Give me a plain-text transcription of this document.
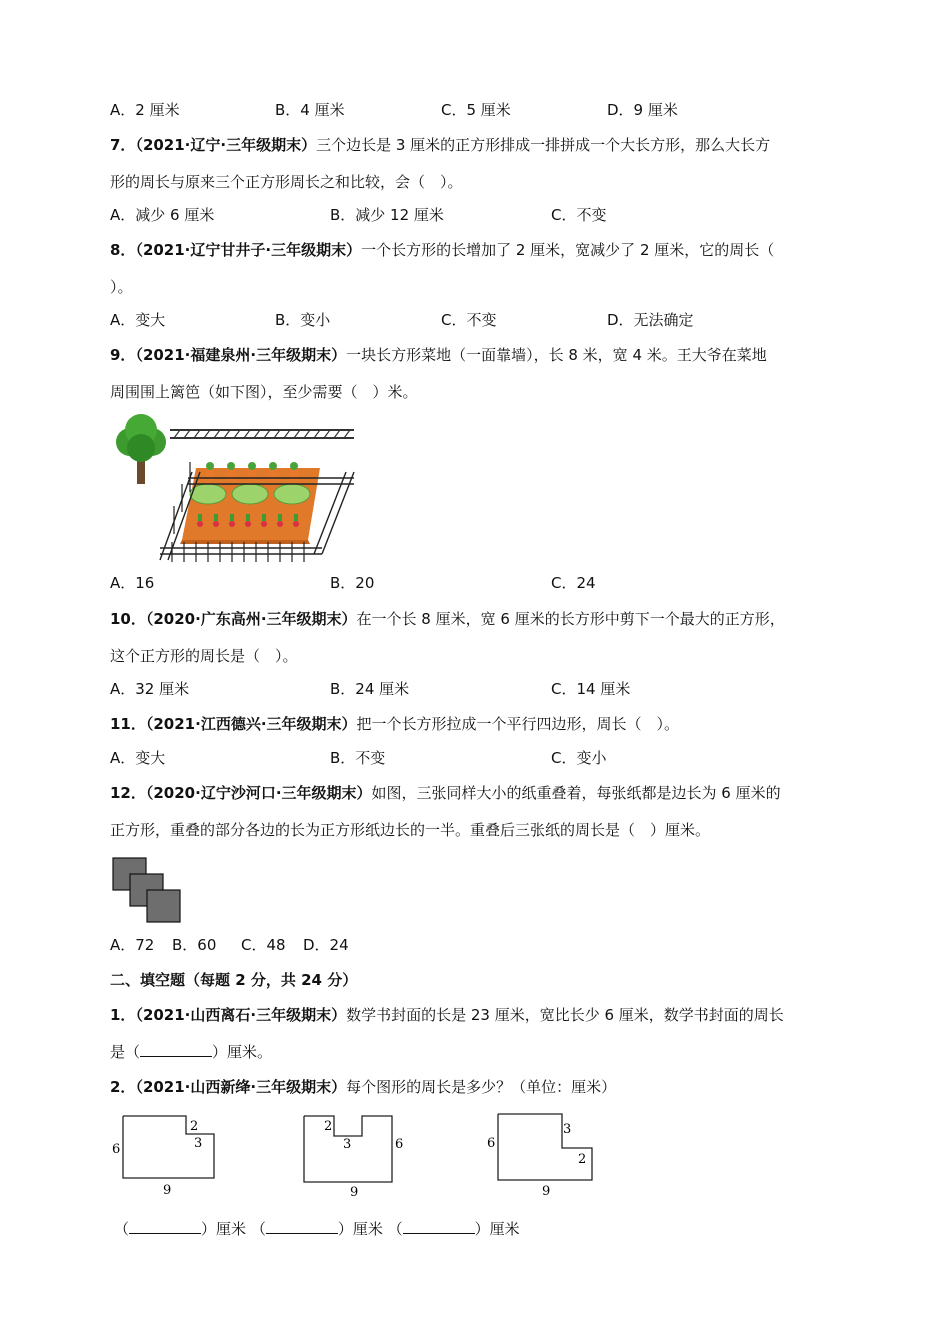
A．2 厘米	B．4 厘米	C．5 厘米	D．9 厘米
7．（2021·辽宁·三年级期末）三个边长是 3 厘米的正方形排成一排拼成一个大长方形，那么大长方
形的周长与原来三个正方形周长之和比较，会（　）。
A．减少 6 厘米	B．减少 12 厘米	C．不变
8．（2021·辽宁甘井子·三年级期末）一个长方形的长增加了 2 厘米，宽减少了 2 厘米，它的周长（
）。
A．变大	B．变小	C．不变	D．无法确定
9．（2021·福建泉州·三年级期末）一块长方形菜地（一面靠墙），长 8 米，宽 4 米。王大爷在菜地
周围围上篱笆（如下图），至少需要（　）米。
A．16	B．20	C．24
10．（2020·广东高州·三年级期末）在一个长 8 厘米，宽 6 厘米的长方形中剪下一个最大的正方形，
这个正方形的周长是（　）。
A．32 厘米	B．24 厘米	C．14 厘米
11．（2021·江西德兴·三年级期末）把一个长方形拉成一个平行四边形，周长（　）。
A．变大	B．不变	C．变小
12．（2020·辽宁沙河口·三年级期末）如图，三张同样大小的纸重叠着，每张纸都是边长为 6 厘米的
正方形，重叠的部分各边的长为正方形纸边长的一半。重叠后三张纸的周长是（　）厘米。
A．72 B．60 C．48 D．24
二、填空题（每题 2 分，共 24 分）
1．（2021·山西离石·三年级期末）数学书封面的长是 23 厘米，宽比长少 6 厘米，数学书封面的周长
是（	）厘米。
2．（2021·山西新绛·三年级期末）每个图形的周长是多少？（单位：厘米）
6
2
3
9
2
3	6
9
6
3
2
9
（	）厘米 （	）厘米 （	）厘米
